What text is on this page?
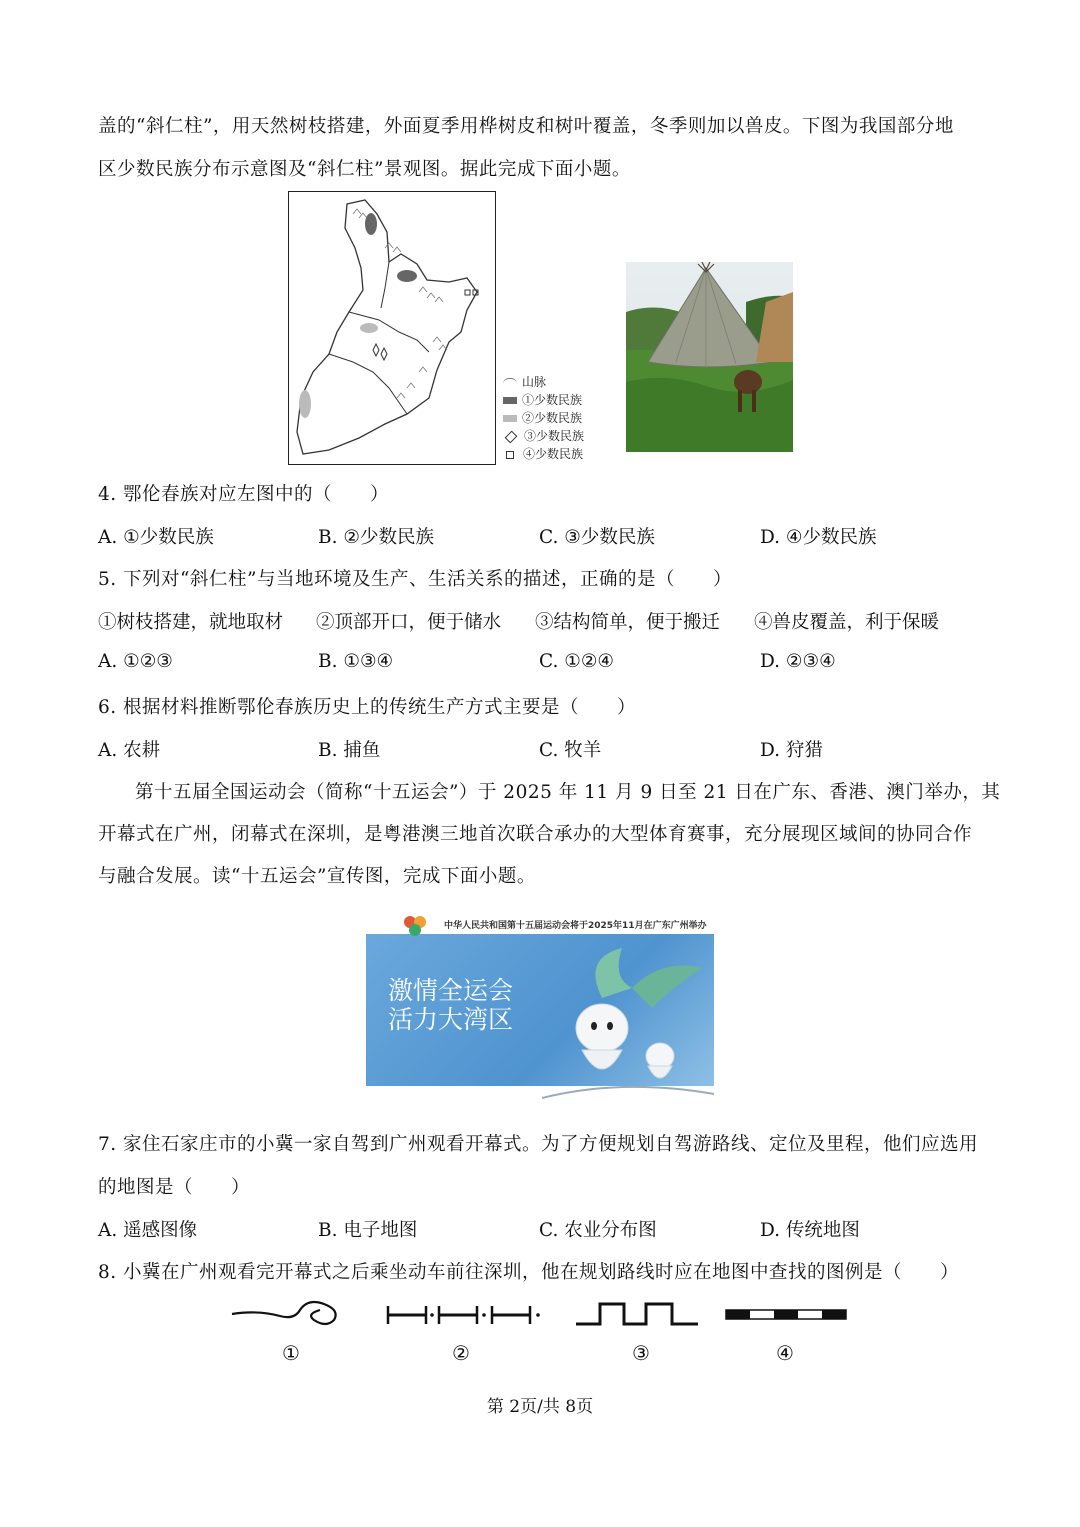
盖的“斜仁柱”，用天然树枝搭建，外面夏季用桦树皮和树叶覆盖，冬季则加以兽皮。下图为我国部分地
区少数民族分布示意图及“斜仁柱”景观图。据此完成下面小题。
山脉
①少数民族
②少数民族
③少数民族
④少数民族
4. 鄂伦春族对应左图中的（　　）
A. ①少数民族	B. ②少数民族	C. ③少数民族	D. ④少数民族
5. 下列对“斜仁柱”与当地环境及生产、生活关系的描述，正确的是（　　）
①树枝搭建，就地取材 ②顶部开口，便于储水 ③结构简单，便于搬迁 ④兽皮覆盖，利于保暖
A. ①②③	B. ①③④	C. ①②④	D. ②③④
6. 根据材料推断鄂伦春族历史上的传统生产方式主要是（　　）
A. 农耕	B. 捕鱼	C. 牧羊	D. 狩猎
第十五届全国运动会（简称“十五运会”）于 2025 年 11 月 9 日至 21 日在广东、香港、澳门举办，其
开幕式在广州，闭幕式在深圳，是粤港澳三地首次联合承办的大型体育赛事，充分展现区域间的协同合作
与融合发展。读“十五运会”宣传图，完成下面小题。
中华人民共和国第十五届运动会将于2025年11月在广东广州举办
激情全运会
活力大湾区
7. 家住石家庄市的小冀一家自驾到广州观看开幕式。为了方便规划自驾游路线、定位及里程，他们应选用
的地图是（　　）
A. 遥感图像	B. 电子地图	C. 农业分布图	D. 传统地图
8. 小冀在广州观看完开幕式之后乘坐动车前往深圳，他在规划路线时应在地图中查找的图例是（　　）
①	②	③	④
第 2页/共 8页
